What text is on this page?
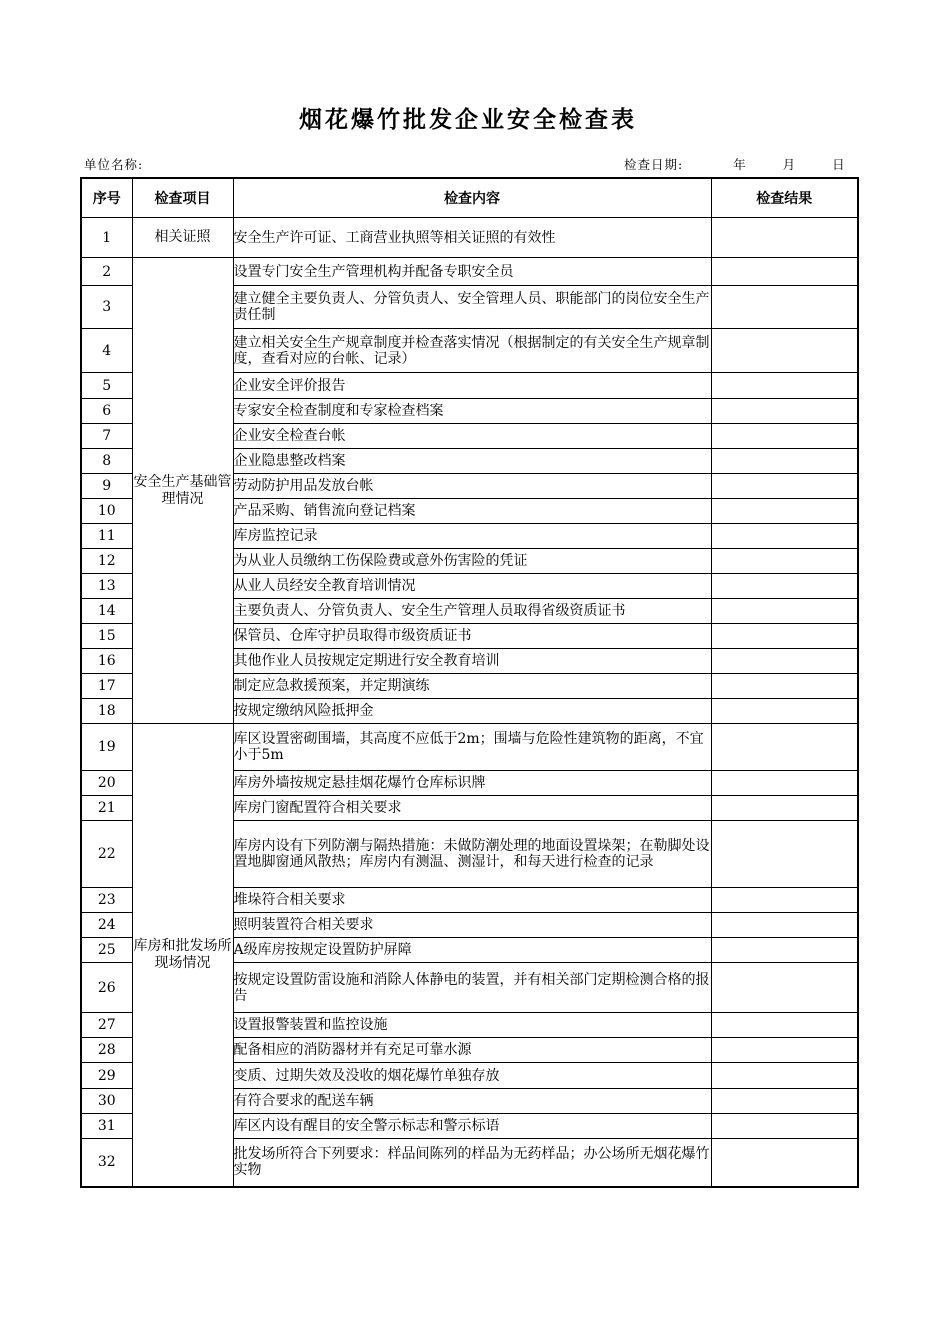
烟花爆竹批发企业安全检查表
单位名称:	检查日期:	年	月	日
序号	检查项目	检查内容	检查结果
1	相关证照	安全生产许可证、工商营业执照等相关证照的有效性	
2	安全生产基础管理情况	设置专门安全生产管理机构并配备专职安全员	
3		建立健全主要负责人、分管负责人、安全管理人员、职能部门的岗位安全生产责任制	
4		建立相关安全生产规章制度并检查落实情况（根据制定的有关安全生产规章制度，查看对应的台帐、记录）	
5		企业安全评价报告	
6		专家安全检查制度和专家检查档案	
7		企业安全检查台帐	
8		企业隐患整改档案	
9		劳动防护用品发放台帐	
10		产品采购、销售流向登记档案	
11		库房监控记录	
12		为从业人员缴纳工伤保险费或意外伤害险的凭证	
13		从业人员经安全教育培训情况	
14		主要负责人、分管负责人、安全生产管理人员取得省级资质证书	
15		保管员、仓库守护员取得市级资质证书	
16		其他作业人员按规定定期进行安全教育培训	
17		制定应急救援预案，并定期演练	
18		按规定缴纳风险抵押金	
19	库房和批发场所现场情况	库区设置密砌围墙，其高度不应低于2m；围墙与危险性建筑物的距离，不宜小于5m	
20		库房外墙按规定悬挂烟花爆竹仓库标识牌	
21		库房门窗配置符合相关要求	
22		库房内设有下列防潮与隔热措施：未做防潮处理的地面设置垛架；在勒脚处设置地脚窗通风散热；库房内有测温、测湿计，和每天进行检查的记录	
23		堆垛符合相关要求	
24		照明装置符合相关要求	
25		A级库房按规定设置防护屏障	
26		按规定设置防雷设施和消除人体静电的装置，并有相关部门定期检测合格的报告	
27		设置报警装置和监控设施	
28		配备相应的消防器材并有充足可靠水源	
29		变质、过期失效及没收的烟花爆竹单独存放	
30		有符合要求的配送车辆	
31		库区内设有醒目的安全警示标志和警示标语	
32		批发场所符合下列要求：样品间陈列的样品为无药样品；办公场所无烟花爆竹实物	
